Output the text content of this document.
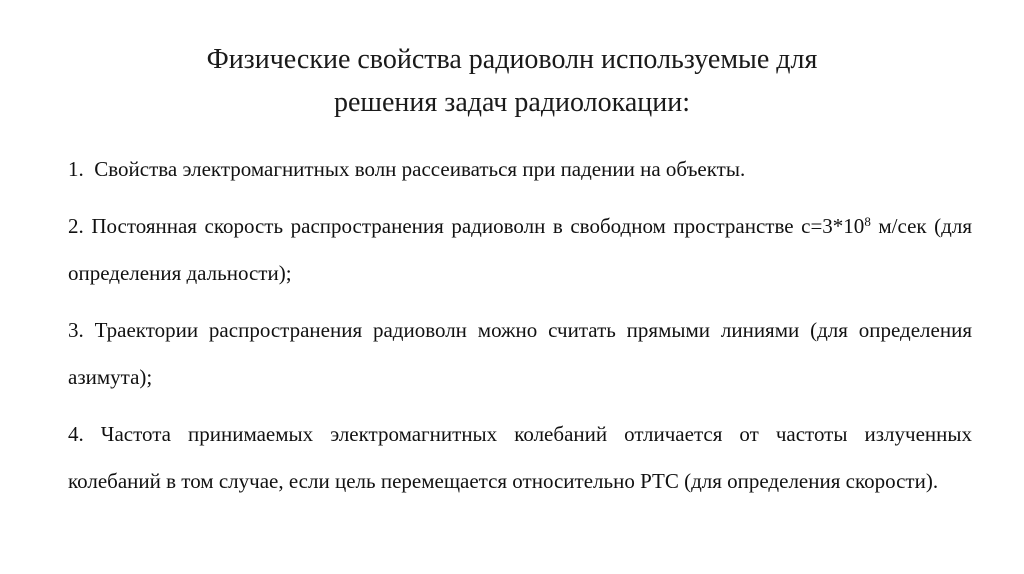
Физические свойства радиоволн используемые для
решения задач радиолокации:

1.  Свойства электромагнитных волн рассеиваться при падении на объекты.

2. Постоянная скорость распространения радиоволн в свободном пространстве $с=3*10^8$ м/сек (для определения дальности);

3. Траектории распространения радиоволн можно считать прямыми линиями (для определения азимута);

4. Частота принимаемых электромагнитных колебаний отличается от частоты излученных колебаний в том случае, если цель перемещается относительно РТС (для определения скорости).
